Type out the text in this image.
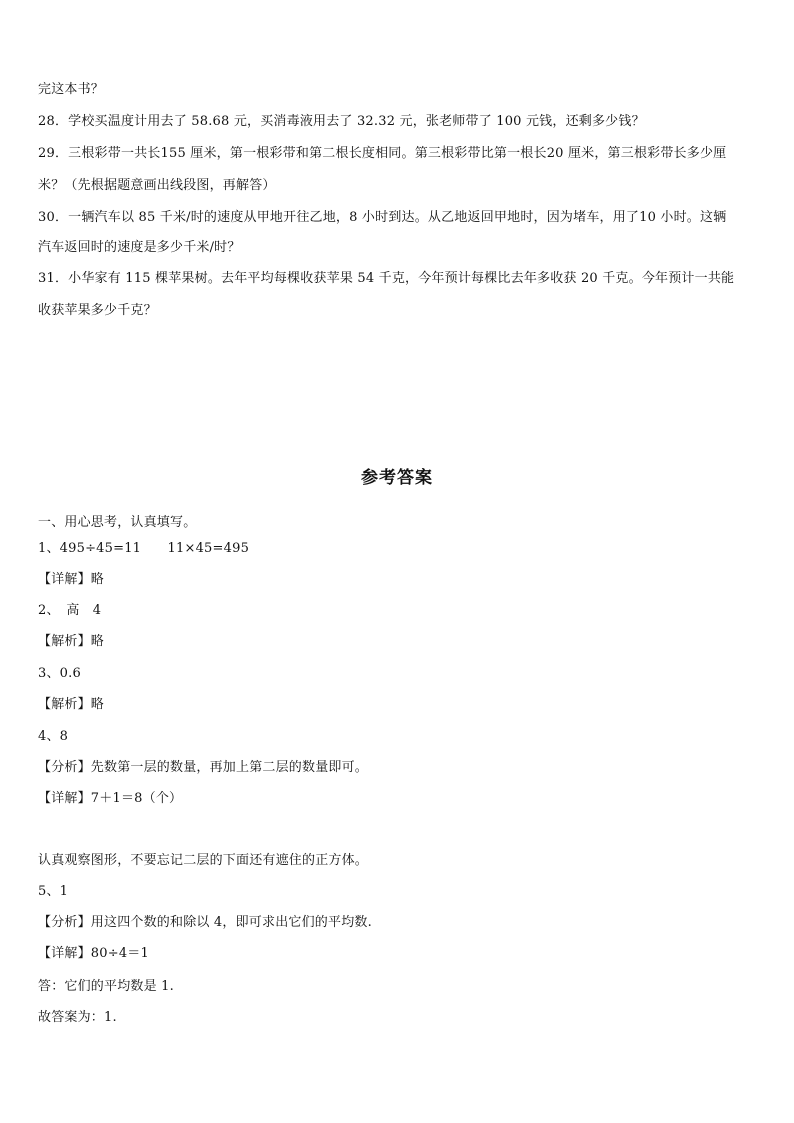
完这本书？
28．学校买温度计用去了 58.68 元，买消毒液用去了 32.32 元，张老师带了 100 元钱，还剩多少钱？
29．三根彩带一共长155 厘米，第一根彩带和第二根长度相同。第三根彩带比第一根长20 厘米，第三根彩带长多少厘
米？（先根据题意画出线段图，再解答）
30．一辆汽车以 85 千米/时的速度从甲地开往乙地，8 小时到达。从乙地返回甲地时，因为堵车，用了10 小时。这辆
汽车返回时的速度是多少千米/时？
31．小华家有 115 棵苹果树。去年平均每棵收获苹果 54 千克，今年预计每棵比去年多收获 20 千克。今年预计一共能
收获苹果多少千克？
参考答案
一、用心思考，认真填写。
1、495÷45=11　　11×45=495
【详解】略
2、　高　4
【解析】略
3、0.6
【解析】略
4、8
【分析】先数第一层的数量，再加上第二层的数量即可。
【详解】7＋1＝8（个）
认真观察图形，不要忘记二层的下面还有遮住的正方体。
5、1
【分析】用这四个数的和除以 4，即可求出它们的平均数.
【详解】80÷4＝1
答：它们的平均数是 1.
故答案为：1.
